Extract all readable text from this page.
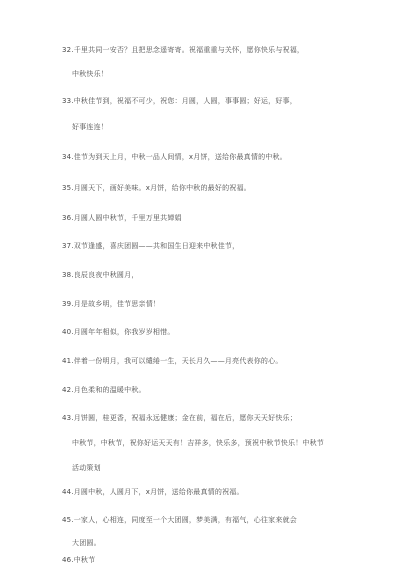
32.千里共同一安否？且把思念遥寄寄。祝福重重与关怀，愿你快乐与祝福，
中秋快乐！
33.中秋佳节到，祝福不可少，祝您：月圆，人圆，事事圆；好运，好事，
好事连连！
34.佳节为到天上月，中秋一品人间情，x月饼，送给你最真情的中秋。
35.月圆天下，画好美味。x月饼，给你中秋的最好的祝福。
36.月圆人圆中秋节，千里万里共婵娟
37.双节逢盛，喜庆团圆——共和国生日迎来中秋佳节，
38.良辰良夜中秋圆月，
39.月是故乡明，佳节思亲情！
40.月圆年年相似，你我岁岁相惜。
41.伴着一份明月，我可以缱绻一生，天长月久——月亮代表你的心。
42.月色柔和的温暖中秋。
43.月饼圆，桂更香，祝福永远健康；金在前，福在后，愿你天天好快乐；
中秋节，中秋节，祝你好运天天有！吉祥多，快乐多，预祝中秋节快乐！中秋节
活动策划
44.月圆中秋，人圆月下，x月饼，送给你最真情的祝福。
45.一家人，心相连，同度至一个大团圆，梦美满，有福气，心往家来就会
大团圆。
46.中秋节
